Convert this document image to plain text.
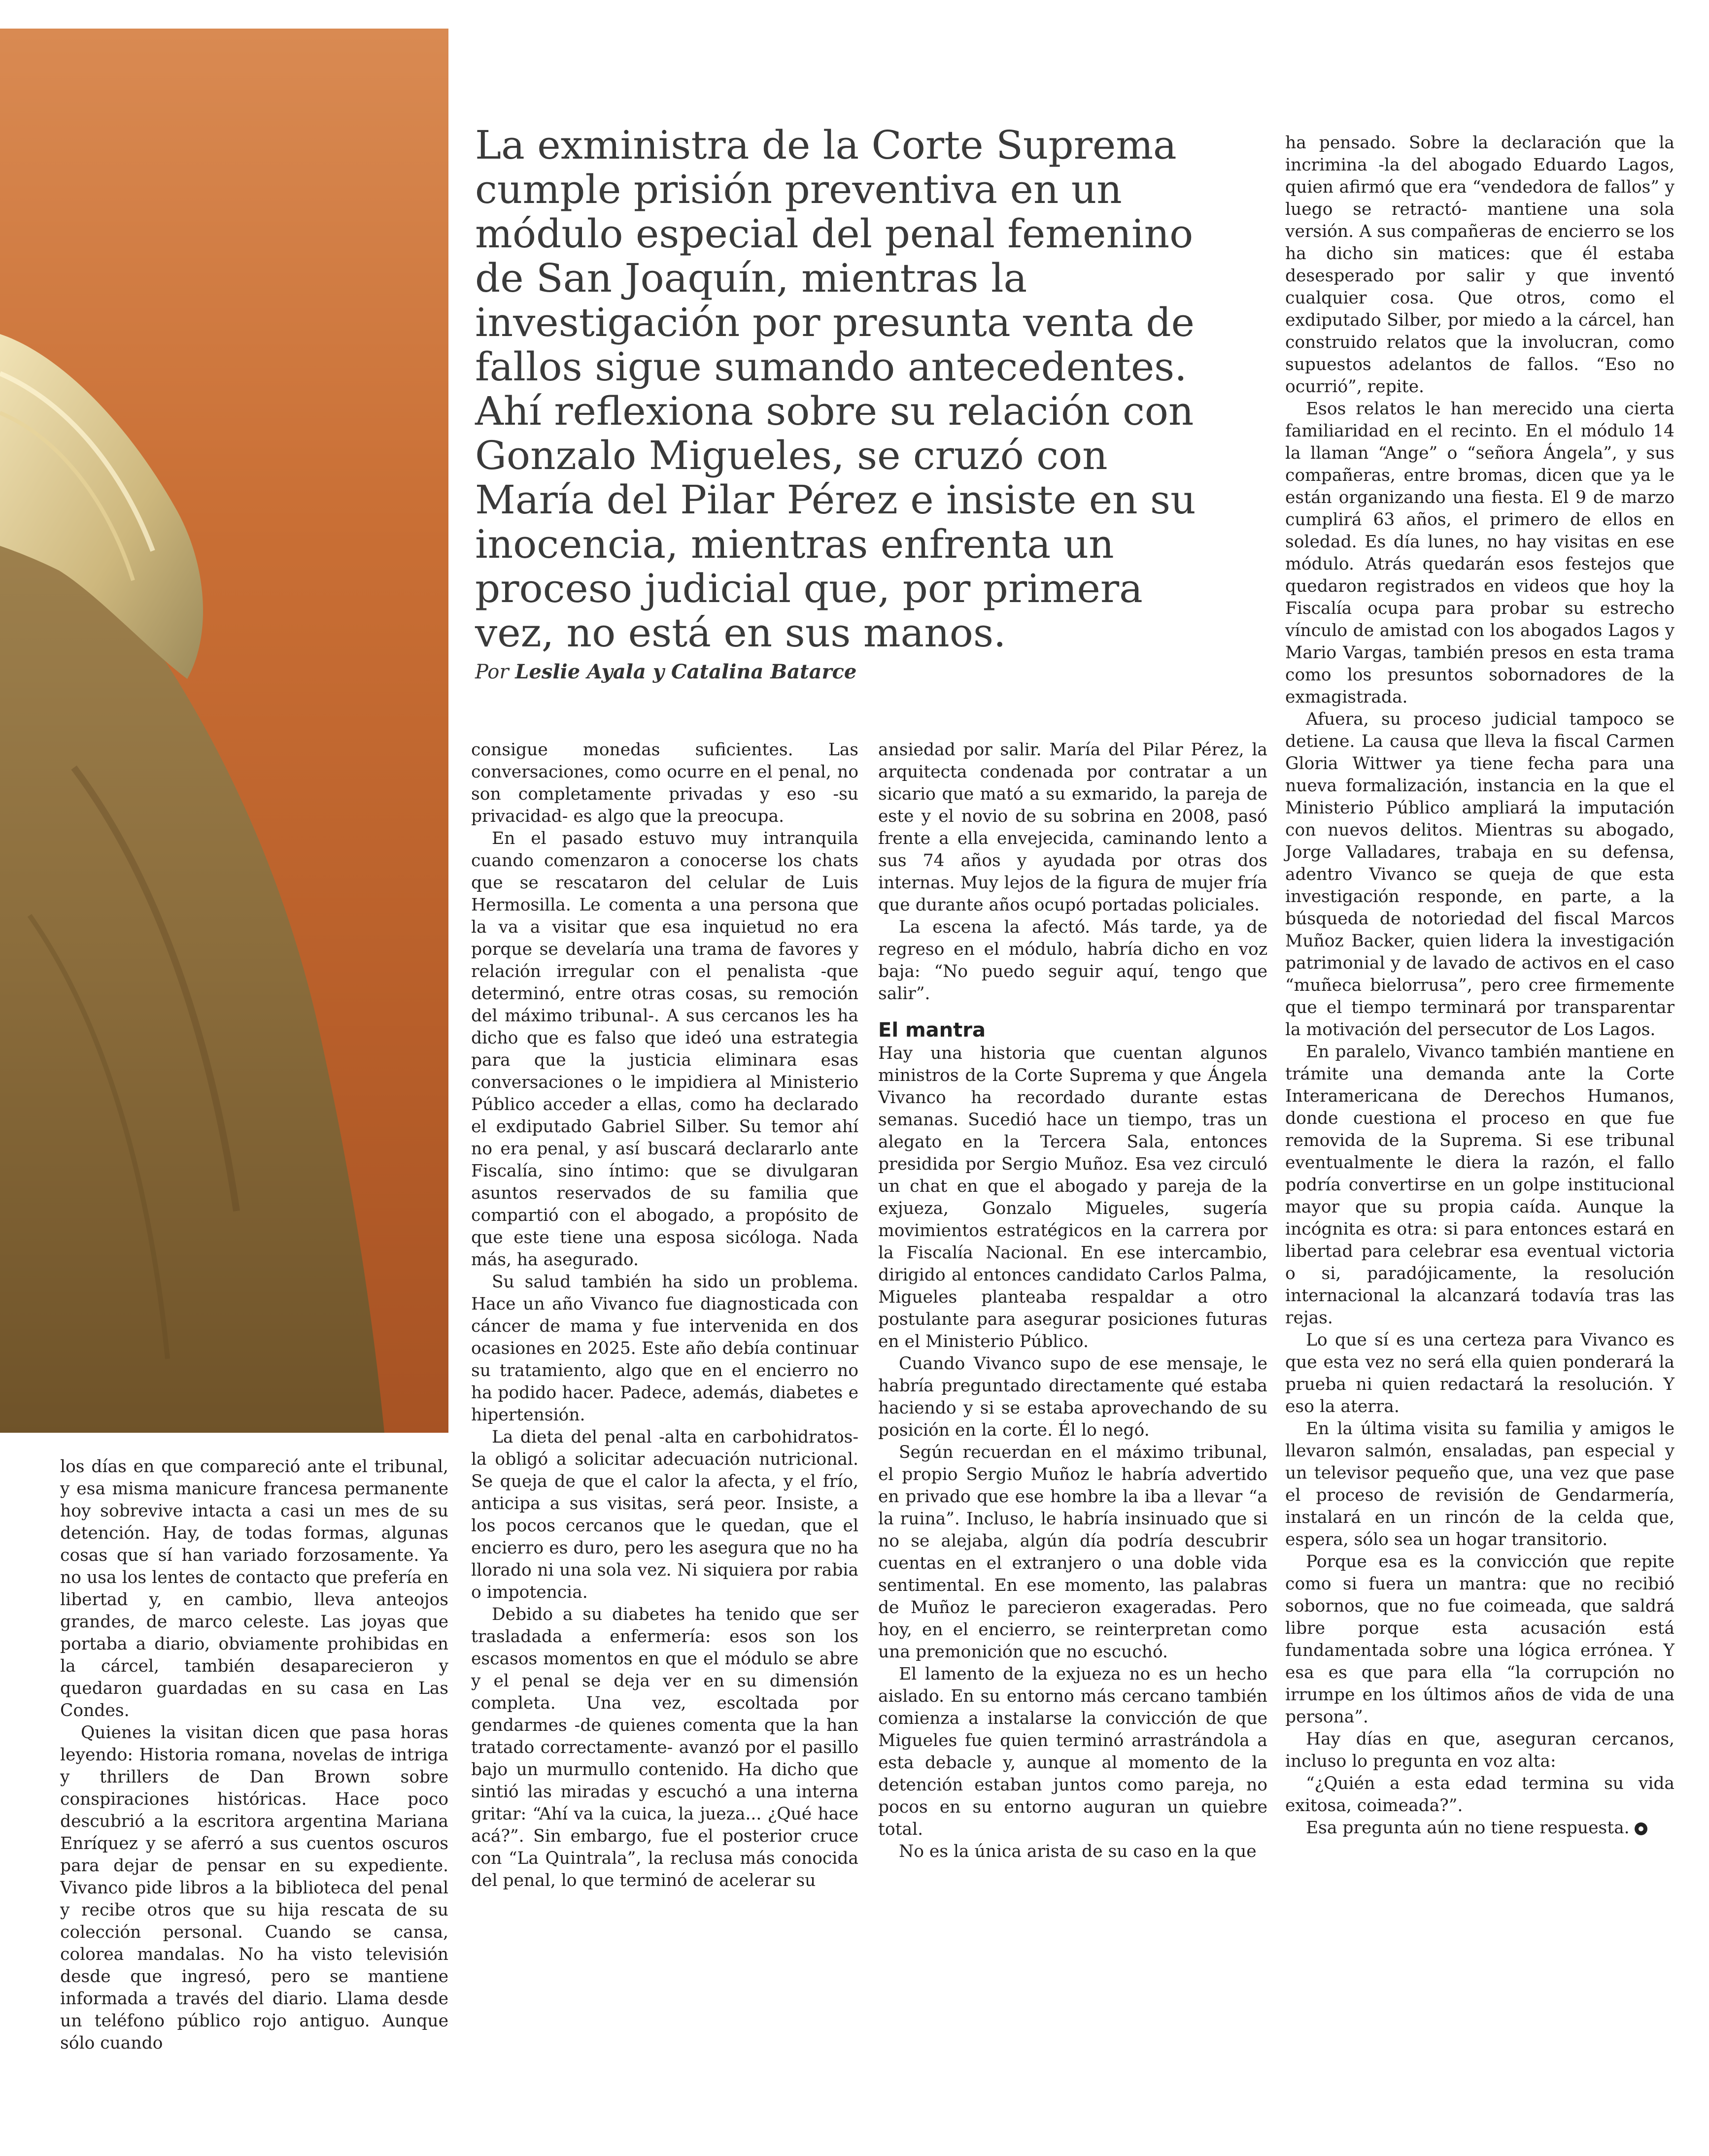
La exministra de la Corte Suprema cumple prisión preventiva en un módulo especial del penal femenino de San Joaquín, mientras la investigación por presunta venta de fallos sigue sumando antecedentes. Ahí reflexiona sobre su relación con Gonzalo Migueles, se cruzó con María del Pilar Pérez e insiste en su inocencia, mientras enfrenta un proceso judicial que, por primera vez, no está en sus manos.
Por Leslie Ayala y Catalina Batarce

los días en que compareció ante el tribunal, y esa misma manicure francesa permanente hoy sobrevive intacta a casi un mes de su detención. Hay, de todas formas, algunas cosas que sí han variado forzosamente. Ya no usa los lentes de contacto que prefería en libertad y, en cambio, lleva anteojos grandes, de marco celeste. Las joyas que portaba a diario, obviamente prohibidas en la cárcel, también desaparecieron y quedaron guardadas en su casa en Las Condes.

Quienes la visitan dicen que pasa horas leyendo: Historia romana, novelas de intriga y thrillers de Dan Brown sobre conspiraciones históricas. Hace poco descubrió a la escritora argentina Mariana Enríquez y se aferró a sus cuentos oscuros para dejar de pensar en su expediente. Vivanco pide libros a la biblioteca del penal y recibe otros que su hija rescata de su colección personal. Cuando se cansa, colorea mandalas. No ha visto televisión desde que ingresó, pero se mantiene informada a través del diario. Llama desde un teléfono público rojo antiguo. Aunque sólo cuando

consigue monedas suficientes. Las conversaciones, como ocurre en el penal, no son completamente privadas y eso -su privacidad- es algo que la preocupa.

En el pasado estuvo muy intranquila cuando comenzaron a conocerse los chats que se rescataron del celular de Luis Hermosilla. Le comenta a una persona que la va a visitar que esa inquietud no era porque se develaría una trama de favores y relación irregular con el penalista -que determinó, entre otras cosas, su remoción del máximo tribunal-. A sus cercanos les ha dicho que es falso que ideó una estrategia para que la justicia eliminara esas conversaciones o le impidiera al Ministerio Público acceder a ellas, como ha declarado el exdiputado Gabriel Silber. Su temor ahí no era penal, y así buscará declararlo ante Fiscalía, sino íntimo: que se divulgaran asuntos reservados de su familia que compartió con el abogado, a propósito de que este tiene una esposa sicóloga. Nada más, ha asegurado.

Su salud también ha sido un problema. Hace un año Vivanco fue diagnosticada con cáncer de mama y fue intervenida en dos ocasiones en 2025. Este año debía continuar su tratamiento, algo que en el encierro no ha podido hacer. Padece, además, diabetes e hipertensión.

La dieta del penal -alta en carbohidratos- la obligó a solicitar adecuación nutricional. Se queja de que el calor la afecta, y el frío, anticipa a sus visitas, será peor. Insiste, a los pocos cercanos que le quedan, que el encierro es duro, pero les asegura que no ha llorado ni una sola vez. Ni siquiera por rabia o impotencia.

Debido a su diabetes ha tenido que ser trasladada a enfermería: esos son los escasos momentos en que el módulo se abre y el penal se deja ver en su dimensión completa. Una vez, escoltada por gendarmes -de quienes comenta que la han tratado correctamente- avanzó por el pasillo bajo un murmullo contenido. Ha dicho que sintió las miradas y escuchó a una interna gritar: “Ahí va la cuica, la jueza... ¿Qué hace acá?”. Sin embargo, fue el posterior cruce con “La Quintrala”, la reclusa más conocida del penal, lo que terminó de acelerar su

ansiedad por salir. María del Pilar Pérez, la arquitecta condenada por contratar a un sicario que mató a su exmarido, la pareja de este y el novio de su sobrina en 2008, pasó frente a ella envejecida, caminando lento a sus 74 años y ayudada por otras dos internas. Muy lejos de la figura de mujer fría que durante años ocupó portadas policiales.

La escena la afectó. Más tarde, ya de regreso en el módulo, habría dicho en voz baja: “No puedo seguir aquí, tengo que salir”.

El mantra

Hay una historia que cuentan algunos ministros de la Corte Suprema y que Ángela Vivanco ha recordado durante estas semanas. Sucedió hace un tiempo, tras un alegato en la Tercera Sala, entonces presidida por Sergio Muñoz. Esa vez circuló un chat en que el abogado y pareja de la exjueza, Gonzalo Migueles, sugería movimientos estratégicos en la carrera por la Fiscalía Nacional. En ese intercambio, dirigido al entonces candidato Carlos Palma, Migueles planteaba respaldar a otro postulante para asegurar posiciones futuras en el Ministerio Público.

Cuando Vivanco supo de ese mensaje, le habría preguntado directamente qué estaba haciendo y si se estaba aprovechando de su posición en la corte. Él lo negó.

Según recuerdan en el máximo tribunal, el propio Sergio Muñoz le habría advertido en privado que ese hombre la iba a llevar “a la ruina”. Incluso, le habría insinuado que si no se alejaba, algún día podría descubrir cuentas en el extranjero o una doble vida sentimental. En ese momento, las palabras de Muñoz le parecieron exageradas. Pero hoy, en el encierro, se reinterpretan como una premonición que no escuchó.

El lamento de la exjueza no es un hecho aislado. En su entorno más cercano también comienza a instalarse la convicción de que Migueles fue quien terminó arrastrándola a esta debacle y, aunque al momento de la detención estaban juntos como pareja, no pocos en su entorno auguran un quiebre total.

No es la única arista de su caso en la que

ha pensado. Sobre la declaración que la incrimina -la del abogado Eduardo Lagos, quien afirmó que era “vendedora de fallos” y luego se retractó- mantiene una sola versión. A sus compañeras de encierro se los ha dicho sin matices: que él estaba desesperado por salir y que inventó cualquier cosa. Que otros, como el exdiputado Silber, por miedo a la cárcel, han construido relatos que la involucran, como supuestos adelantos de fallos. “Eso no ocurrió”, repite.

Esos relatos le han merecido una cierta familiaridad en el recinto. En el módulo 14 la llaman “Ange” o “señora Ángela”, y sus compañeras, entre bromas, dicen que ya le están organizando una fiesta. El 9 de marzo cumplirá 63 años, el primero de ellos en soledad. Es día lunes, no hay visitas en ese módulo. Atrás quedarán esos festejos que quedaron registrados en videos que hoy la Fiscalía ocupa para probar su estrecho vínculo de amistad con los abogados Lagos y Mario Vargas, también presos en esta trama como los presuntos sobornadores de la exmagistrada.

Afuera, su proceso judicial tampoco se detiene. La causa que lleva la fiscal Carmen Gloria Wittwer ya tiene fecha para una nueva formalización, instancia en la que el Ministerio Público ampliará la imputación con nuevos delitos. Mientras su abogado, Jorge Valladares, trabaja en su defensa, adentro Vivanco se queja de que esta investigación responde, en parte, a la búsqueda de notoriedad del fiscal Marcos Muñoz Backer, quien lidera la investigación patrimonial y de lavado de activos en el caso “muñeca bielorrusa”, pero cree firmemente que el tiempo terminará por transparentar la motivación del persecutor de Los Lagos.

En paralelo, Vivanco también mantiene en trámite una demanda ante la Corte Interamericana de Derechos Humanos, donde cuestiona el proceso en que fue removida de la Suprema. Si ese tribunal eventualmente le diera la razón, el fallo podría convertirse en un golpe institucional mayor que su propia caída. Aunque la incógnita es otra: si para entonces estará en libertad para celebrar esa eventual victoria o si, paradójicamente, la resolución internacional la alcanzará todavía tras las rejas.

Lo que sí es una certeza para Vivanco es que esta vez no será ella quien ponderará la prueba ni quien redactará la resolución. Y eso la aterra.

En la última visita su familia y amigos le llevaron salmón, ensaladas, pan especial y un televisor pequeño que, una vez que pase el proceso de revisión de Gendarmería, instalará en un rincón de la celda que, espera, sólo sea un hogar transitorio.

Porque esa es la convicción que repite como si fuera un mantra: que no recibió sobornos, que no fue coimeada, que saldrá libre porque esta acusación está fundamentada sobre una lógica errónea. Y esa es que para ella “la corrupción no irrumpe en los últimos años de vida de una persona”.

Hay días en que, aseguran cercanos, incluso lo pregunta en voz alta:

“¿Quién a esta edad termina su vida exitosa, coimeada?”.

Esa pregunta aún no tiene respuesta.
